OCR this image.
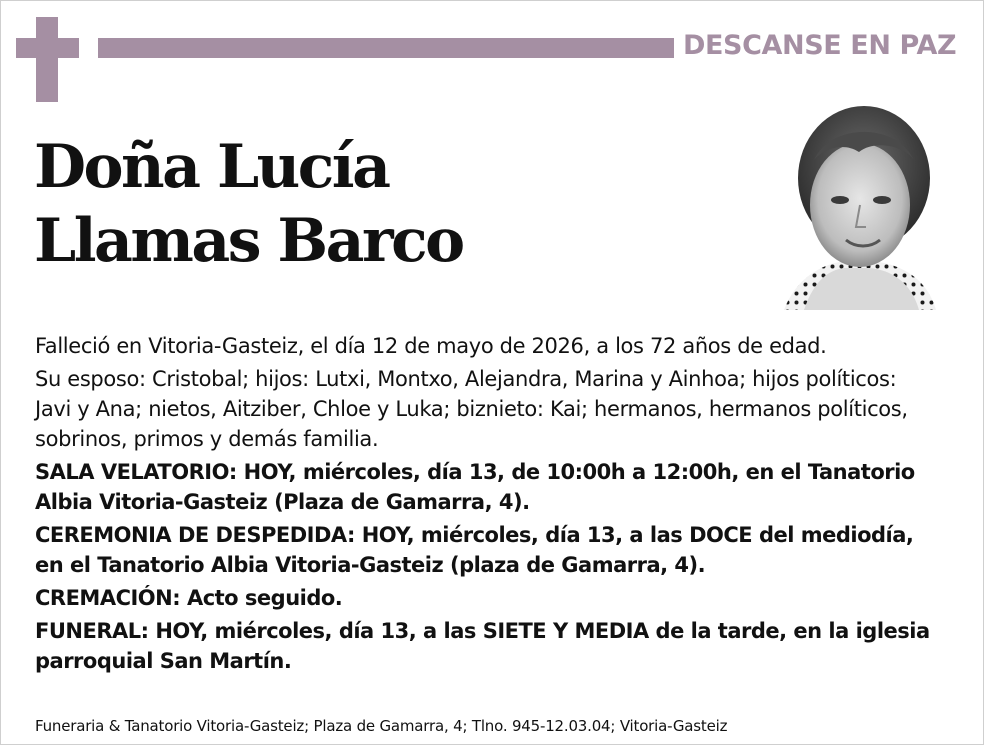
DESCANSE EN PAZ
Doña Lucía
Llamas Barco

Falleció en Vitoria-Gasteiz, el día 12 de mayo de 2026, a los 72 años de edad.

Su esposo: Cristobal; hijos: Lutxi, Montxo, Alejandra, Marina y Ainhoa; hijos políticos: Javi y Ana; nietos, Aitziber, Chloe y Luka; biznieto: Kai; hermanos, hermanos políticos, sobrinos, primos y demás familia.

SALA VELATORIO: HOY, miércoles, día 13, de 10:00h a 12:00h, en el Tanatorio Albia Vitoria-Gasteiz (Plaza de Gamarra, 4).

CEREMONIA DE DESPEDIDA: HOY, miércoles, día 13, a las DOCE del mediodía, en el Tanatorio Albia Vitoria-Gasteiz (plaza de Gamarra, 4).

CREMACIÓN: Acto seguido.

FUNERAL: HOY, miércoles, día 13, a las SIETE Y MEDIA de la tarde, en la iglesia parroquial San Martín.

Funeraria & Tanatorio Vitoria-Gasteiz; Plaza de Gamarra, 4; Tlno. 945-12.03.04; Vitoria-Gasteiz
